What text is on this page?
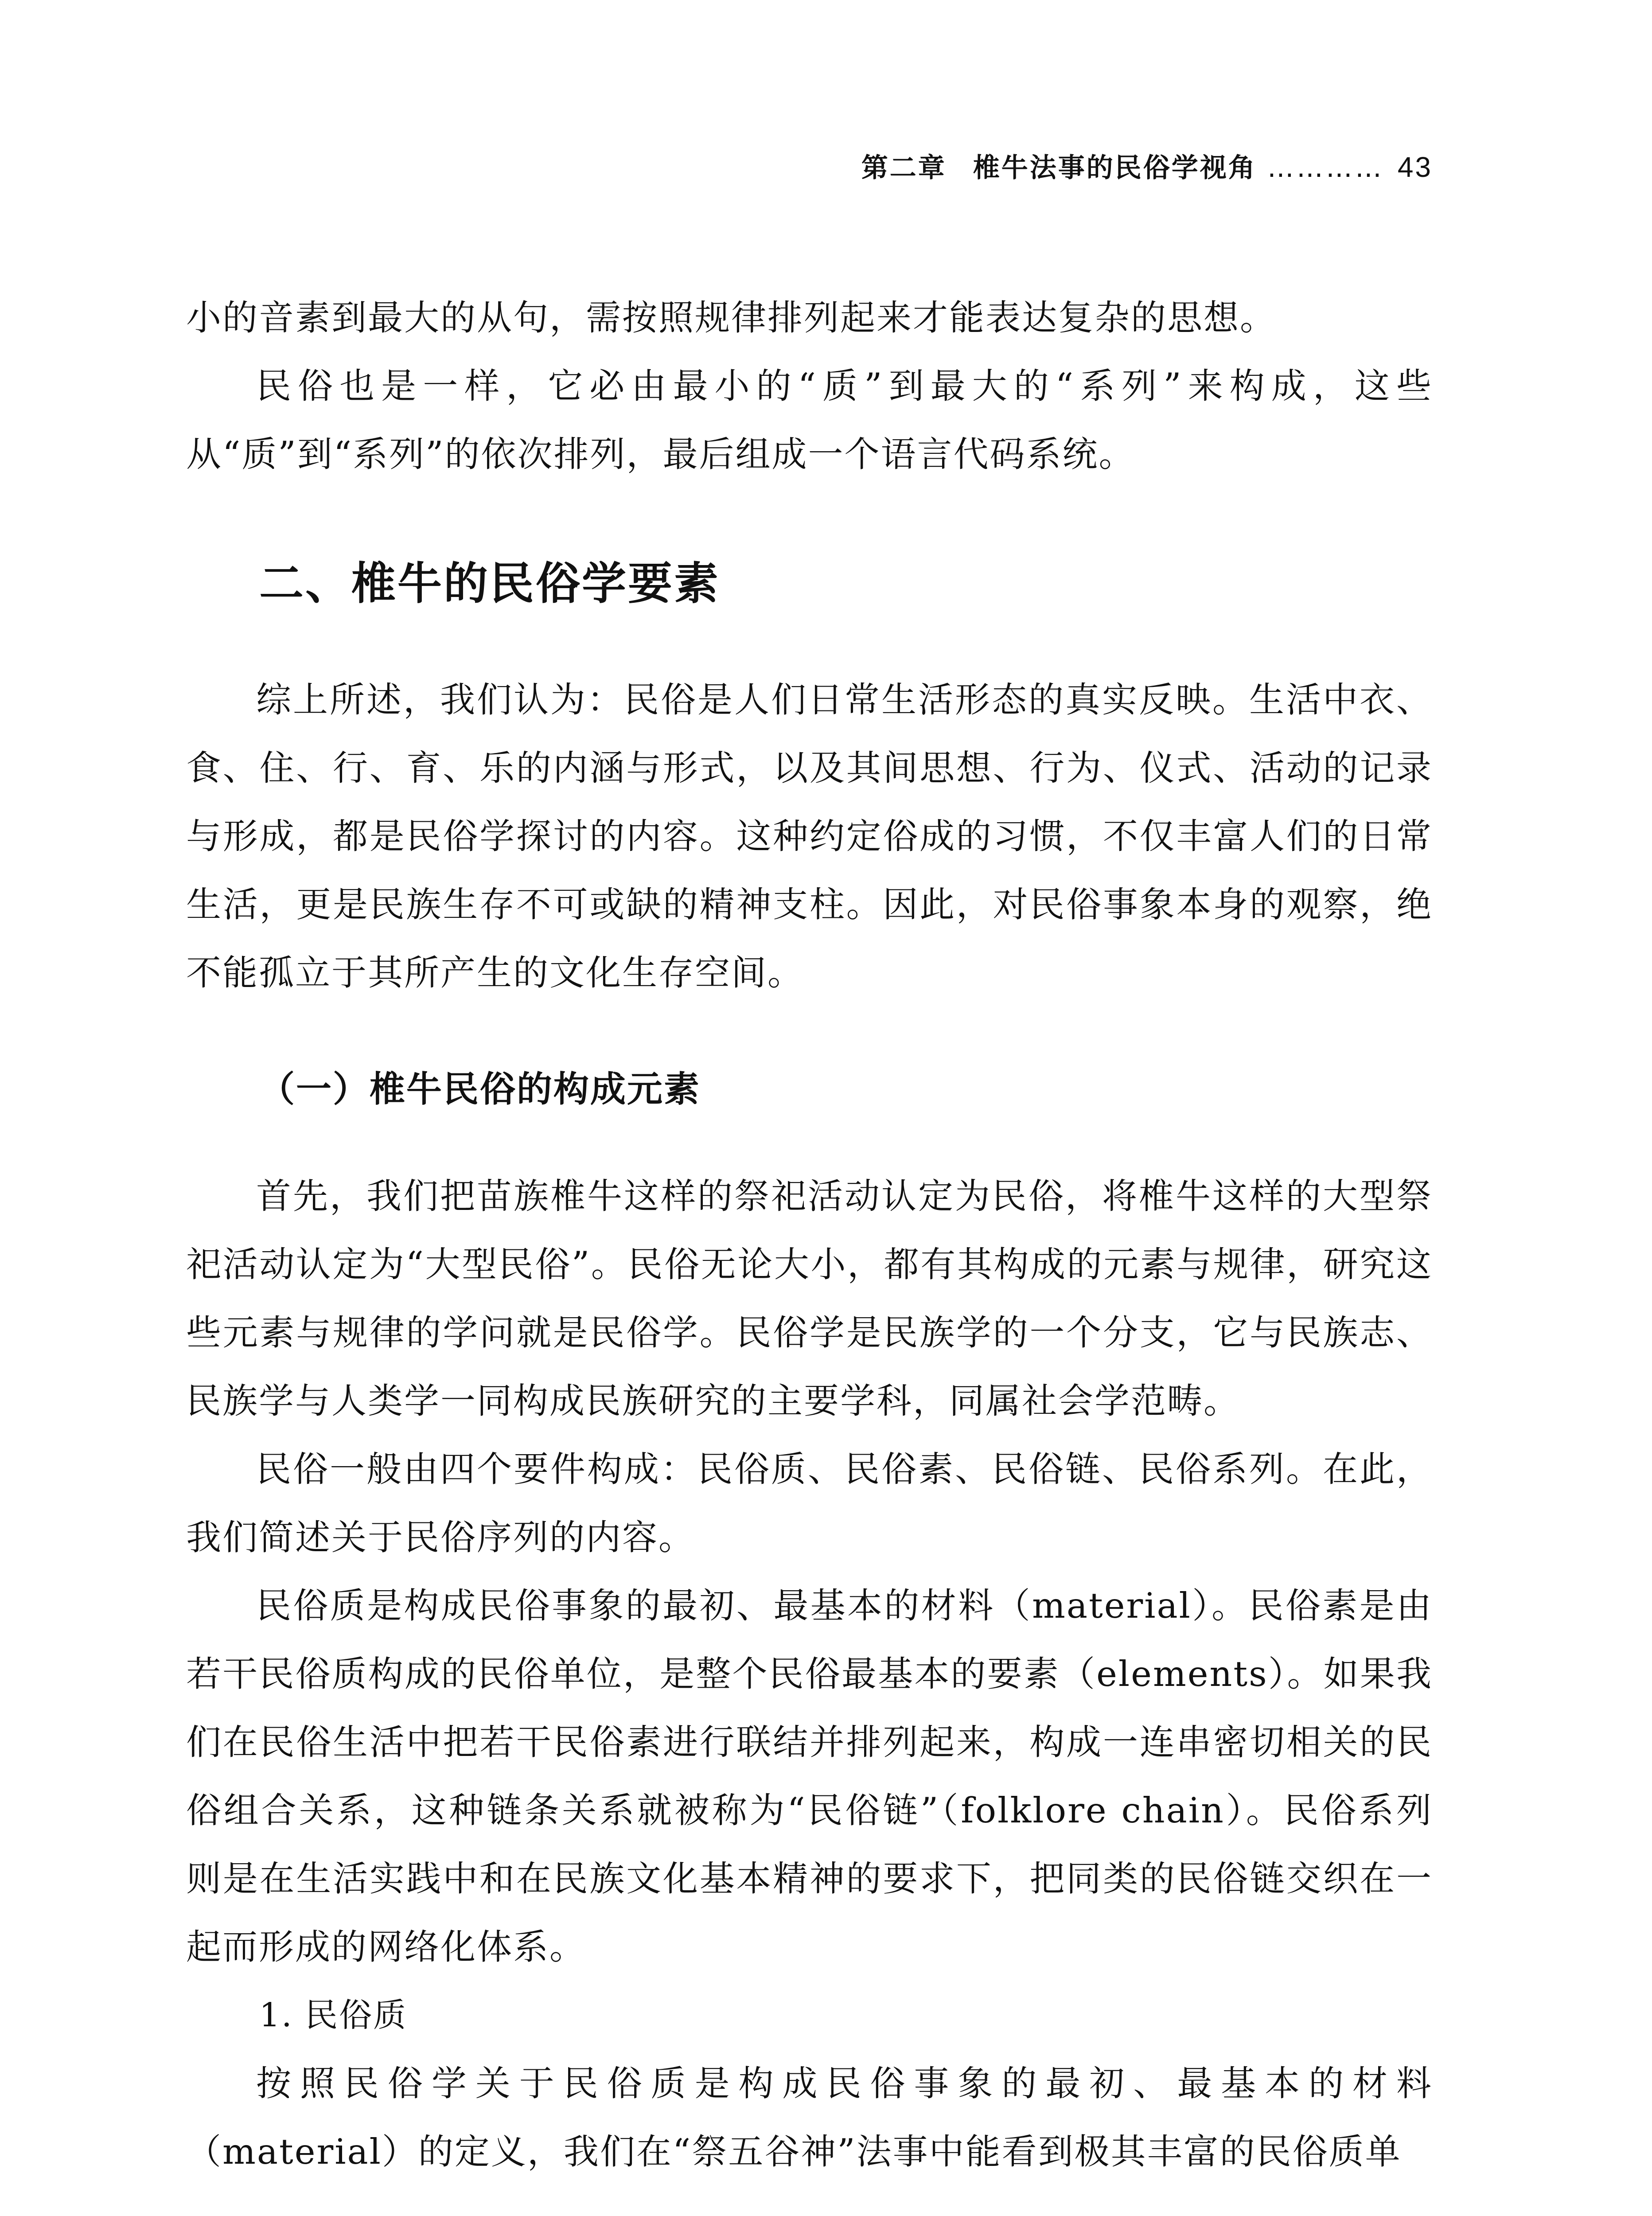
第二章 椎牛法事的民俗学视角 ………… 43

小的音素到最大的从句，需按照规律排列起来才能表达复杂的思想。

民俗也是一样，它必由最小的“质”到最大的“系列”来构成，这些从“质”到“系列”的依次排列，最后组成一个语言代码系统。

二、椎牛的民俗学要素

综上所述，我们认为：民俗是人们日常生活形态的真实反映。生活中衣、食、住、行、育、乐的内涵与形式，以及其间思想、行为、仪式、活动的记录与形成，都是民俗学探讨的内容。这种约定俗成的习惯，不仅丰富人们的日常生活，更是民族生存不可或缺的精神支柱。因此，对民俗事象本身的观察，绝不能孤立于其所产生的文化生存空间。

（一）椎牛民俗的构成元素

首先，我们把苗族椎牛这样的祭祀活动认定为民俗，将椎牛这样的大型祭祀活动认定为“大型民俗”。民俗无论大小，都有其构成的元素与规律，研究这些元素与规律的学问就是民俗学。民俗学是民族学的一个分支，它与民族志、民族学与人类学一同构成民族研究的主要学科，同属社会学范畴。

民俗一般由四个要件构成：民俗质、民俗素、民俗链、民俗系列。在此，我们简述关于民俗序列的内容。

民俗质是构成民俗事象的最初、最基本的材料（material）。民俗素是由若干民俗质构成的民俗单位，是整个民俗最基本的要素（elements）。如果我们在民俗生活中把若干民俗素进行联结并排列起来，构成一连串密切相关的民俗组合关系，这种链条关系就被称为“民俗链”（folklore chain）。民俗系列则是在生活实践中和在民族文化基本精神的要求下，把同类的民俗链交织在一起而形成的网络化体系。

1. 民俗质

按照民俗学关于民俗质是构成民俗事象的最初、最基本的材料（material）的定义，我们在“祭五谷神”法事中能看到极其丰富的民俗质单
